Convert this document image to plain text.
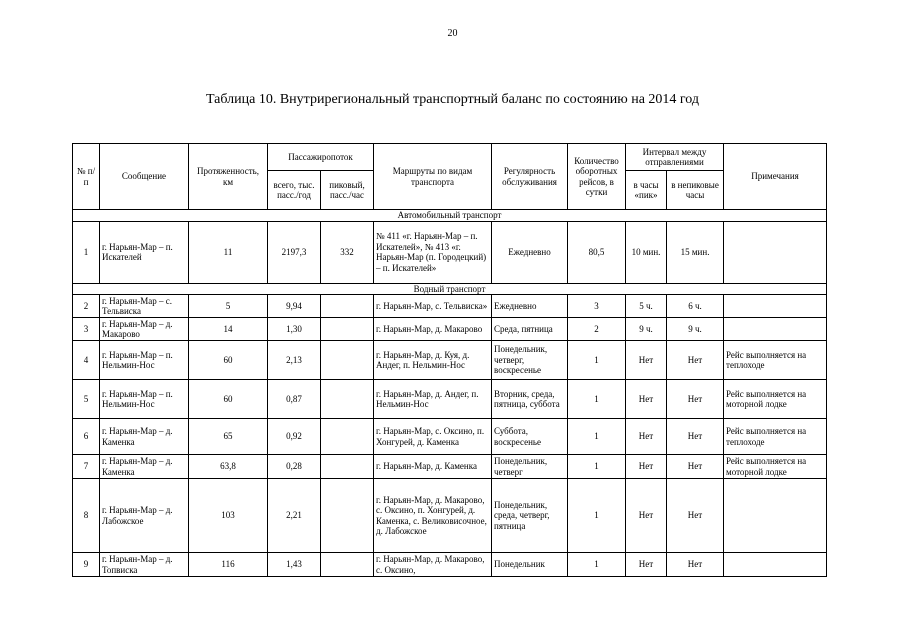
20
Таблица 10. Внутрирегиональный транспортный баланс по состоянию на 2014 год
№ п/п	Сообщение	Протяженность, км	Пассажиропоток		Маршруты по видам транспорта	Регулярность обслуживания	Количество оборотных рейсов, в сутки	Интервал между отправлениями		Примечания
			всего, тыс. пасс./год	пиковый, пасс./час				в часы «пик»	в непиковые часы	
Автомобильный транспорт										
1	г. Нарьян-Мар – п. Искателей	11	2197,3	332	№ 411 «г. Нарьян-Мар – п. Искателей», № 413 «г. Нарьян-Мар (п. Городецкий) – п. Искателей»	Ежедневно	80,5	10 мин.	15 мин.	
Водный транспорт										
2	г. Нарьян-Мар – с. Тельвиска	5	9,94		г. Нарьян-Мар, с. Тельвиска»	Ежедневно	3	5 ч.	6 ч.	
3	г. Нарьян-Мар – д. Макарово	14	1,30		г. Нарьян-Мар, д. Макарово	Среда, пятница	2	9 ч.	9 ч.	
4	г. Нарьян-Мар – п. Нельмин-Нос	60	2,13		г. Нарьян-Мар, д. Куя, д. Андег, п. Нельмин-Нос	Понедельник, четверг, воскресенье	1	Нет	Нет	Рейс выполняется на теплоходе
5	г. Нарьян-Мар – п. Нельмин-Нос	60	0,87		г. Нарьян-Мар, д. Андег, п. Нельмин-Нос	Вторник, среда, пятница, суббота	1	Нет	Нет	Рейс выполняется на моторной лодке
6	г. Нарьян-Мар – д. Каменка	65	0,92		г. Нарьян-Мар, с. Оксино, п. Хонгурей, д. Каменка	Суббота, воскресенье	1	Нет	Нет	Рейс выполняется на теплоходе
7	г. Нарьян-Мар – д. Каменка	63,8	0,28		г. Нарьян-Мар, д. Каменка	Понедельник, четверг	1	Нет	Нет	Рейс выполняется на моторной лодке
8	г. Нарьян-Мар – д. Лабожское	103	2,21		г. Нарьян-Мар, д. Макарово, с. Оксино, п. Хонгурей, д. Каменка, с. Великовисочное, д. Лабожское	Понедельник, среда, четверг, пятница	1	Нет	Нет	
9	г. Нарьян-Мар – д. Топвиска	116	1,43		г. Нарьян-Мар, д. Макарово, с. Оксино,	Понедельник	1	Нет	Нет	
